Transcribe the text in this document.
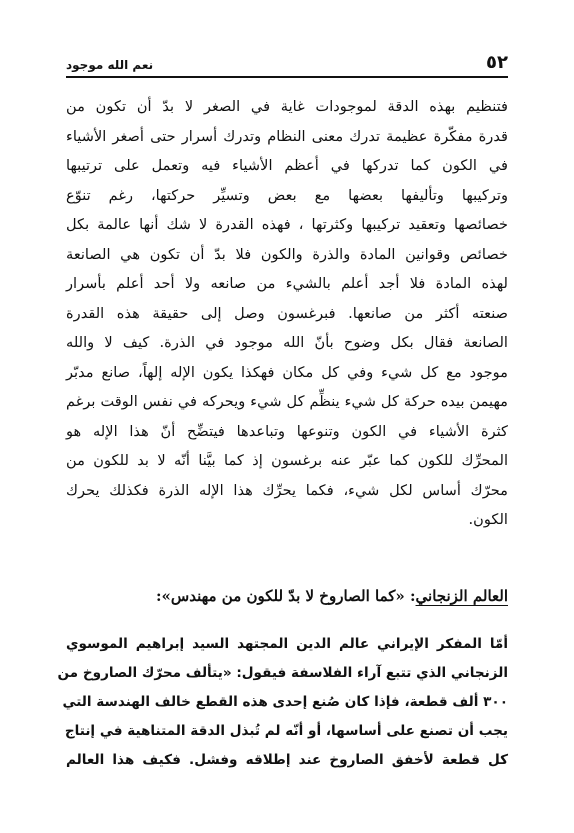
٥٢
نعم الله موجود

فتنظيم بهذه الدقة لموجودات غاية في الصغر لا بدّ أن تكون من
قدرة مفكّرة عظيمة تدرك معنى النظام وتدرك أسرار حتى أصغر الأشياء
في الكون كما تدركها في أعظم الأشياء فيه وتعمل على ترتيبها
وتركيبها وتأليفها بعضها مع بعض وتسيِّر حركتها، رغم تنوّع
خصائصها وتعقيد تركيبها وكثرتها ، فهذه القدرة لا شك أنها عالمة بكل
خصائص وقوانين المادة والذرة والكون فلا بدّ أن تكون هي الصانعة
لهذه المادة فلا أجد أعلم بالشيء من صانعه ولا أحد أعلم بأسرار
صنعته أكثر من صانعها. فبرغسون وصل إلى حقيقة هذه القدرة
الصانعة فقال بكل وضوح بأنّ الله موجود في الذرة. كيف لا والله
موجود مع كل شيء وفي كل مكان فهكذا يكون الإله إلهاً، صانع مدبّر
مهيمن بيده حركة كل شيء ينظِّم كل شيء ويحركه في نفس الوقت برغم
كثرة الأشياء في الكون وتنوعها وتباعدها فيتضِّح أنّ هذا الإله هو
المحرِّك للكون كما عبّر عنه برغسون إذ كما بيَّنا أنّه لا بد للكون من
محرّك أساس لكل شيء، فكما يحرِّك هذا الإله الذرة فكذلك يحرك
الكون.

العالم الزنجاني: «كما الصاروخ لا بدّ للكون من مهندس»:

أمّا المفكر الإيراني عالم الدين المجتهد السيد إبراهيم الموسوي
الزنجاني الذي تتبع آراء الفلاسفة فيقول: «يتألف محرّك الصاروخ من
٣٠٠ ألف قطعة، فإذا كان صُنع إحدى هذه القطع خالف الهندسة التي
يجب أن تصنع على أساسها، أو أنّه لم تُبذل الدقة المتناهية في إنتاج
كل قطعة لأخفق الصاروخ عند إطلاقه وفشل. فكيف هذا العالم
